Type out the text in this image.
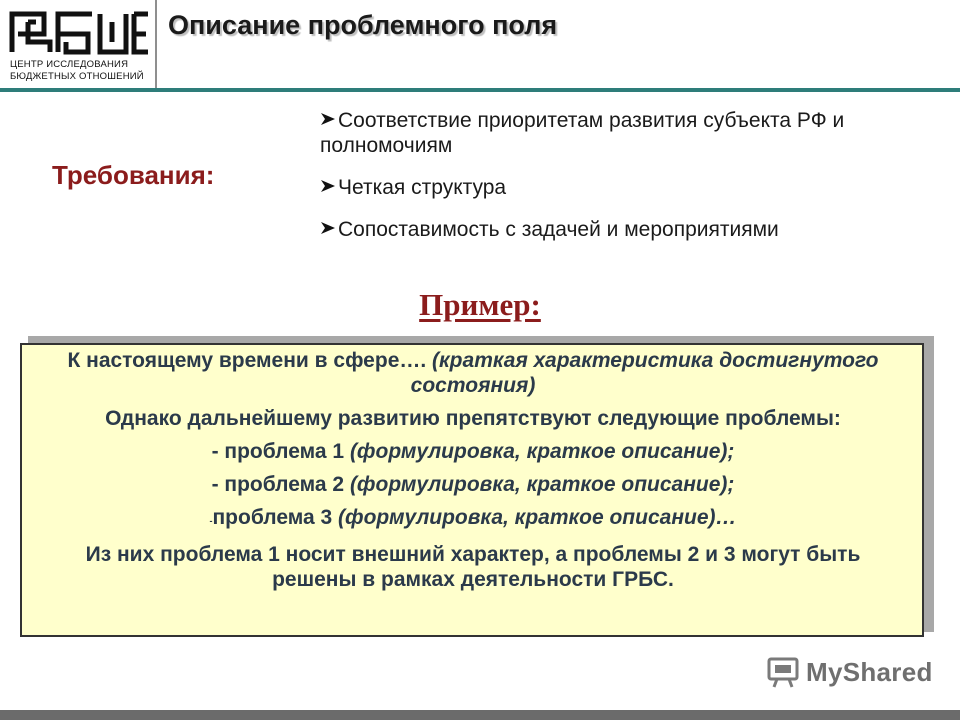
ЦЕНТР ИССЛЕДОВАНИЯ
БЮДЖЕТНЫХ ОТНОШЕНИЙ
Описание проблемного поля
Требования:
Соответствие приоритетам развития субъекта РФ и полномочиям
Четкая структура
Сопоставимость с задачей и мероприятиями
Пример:
К настоящему времени в сфере…. (краткая характеристика достигнутого состояния)
Однако дальнейшему развитию препятствуют следующие проблемы:
- проблема 1 (формулировка, краткое описание);
- проблема 2 (формулировка, краткое описание);
-проблема 3 (формулировка, краткое описание)…
Из них проблема 1 носит внешний характер, а проблемы 2 и 3 могут быть решены в рамках деятельности ГРБС.
MyShared
